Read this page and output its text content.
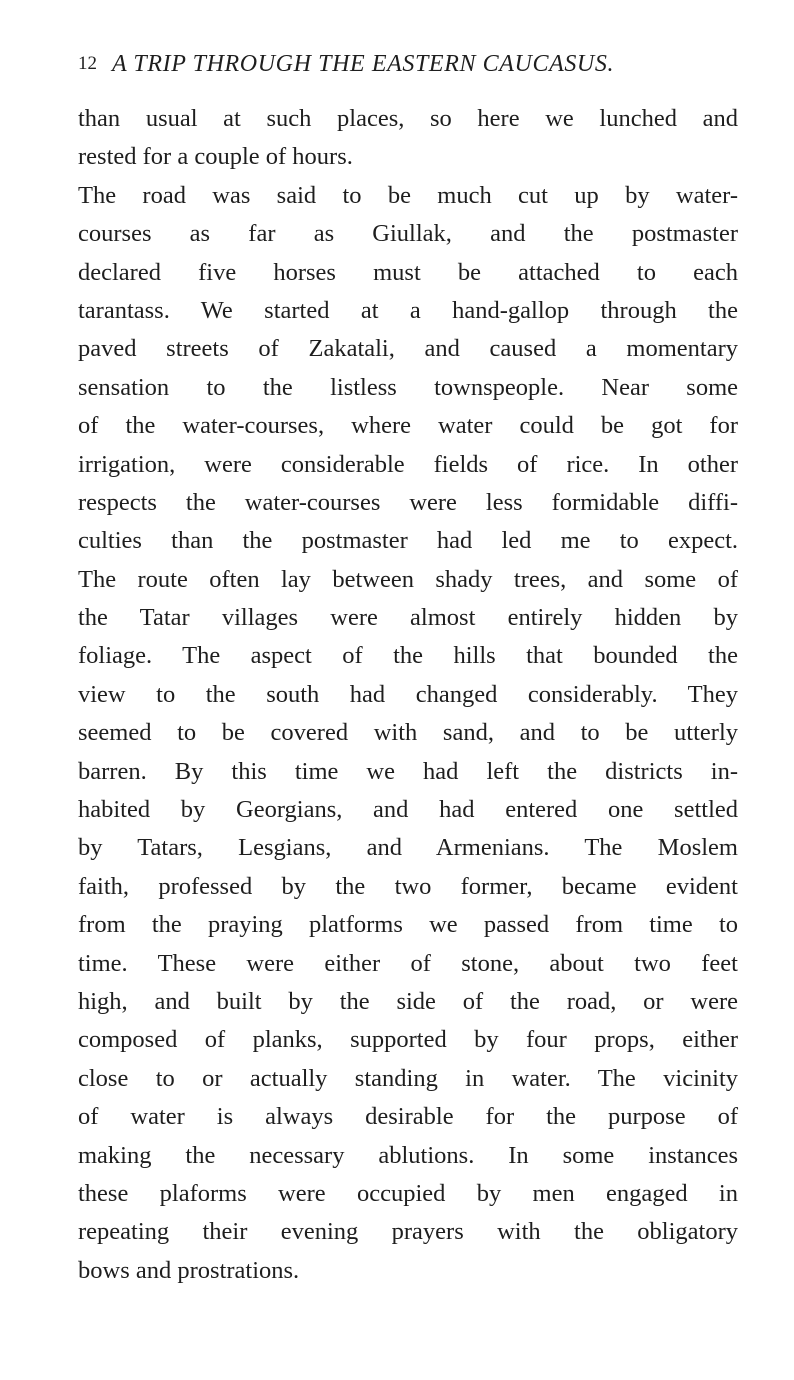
12 A TRIP THROUGH THE EASTERN CAUCASUS.
than usual at such places, so here we lunched and
rested for a couple of hours.
The road was said to be much cut up by water-
courses as far as Giullak, and the postmaster
declared five horses must be attached to each
tarantass. We started at a hand-gallop through the
paved streets of Zakatali, and caused a momentary
sensation to the listless townspeople. Near some
of the water-courses, where water could be got for
irrigation, were considerable fields of rice. In other
respects the water-courses were less formidable diffi-
culties than the postmaster had led me to expect.
The route often lay between shady trees, and some of
the Tatar villages were almost entirely hidden by
foliage. The aspect of the hills that bounded the
view to the south had changed considerably. They
seemed to be covered with sand, and to be utterly
barren. By this time we had left the districts in-
habited by Georgians, and had entered one settled
by Tatars, Lesgians, and Armenians. The Moslem
faith, professed by the two former, became evident
from the praying platforms we passed from time to
time. These were either of stone, about two feet
high, and built by the side of the road, or were
composed of planks, supported by four props, either
close to or actually standing in water. The vicinity
of water is always desirable for the purpose of
making the necessary ablutions. In some instances
these plaforms were occupied by men engaged in
repeating their evening prayers with the obligatory
bows and prostrations.
